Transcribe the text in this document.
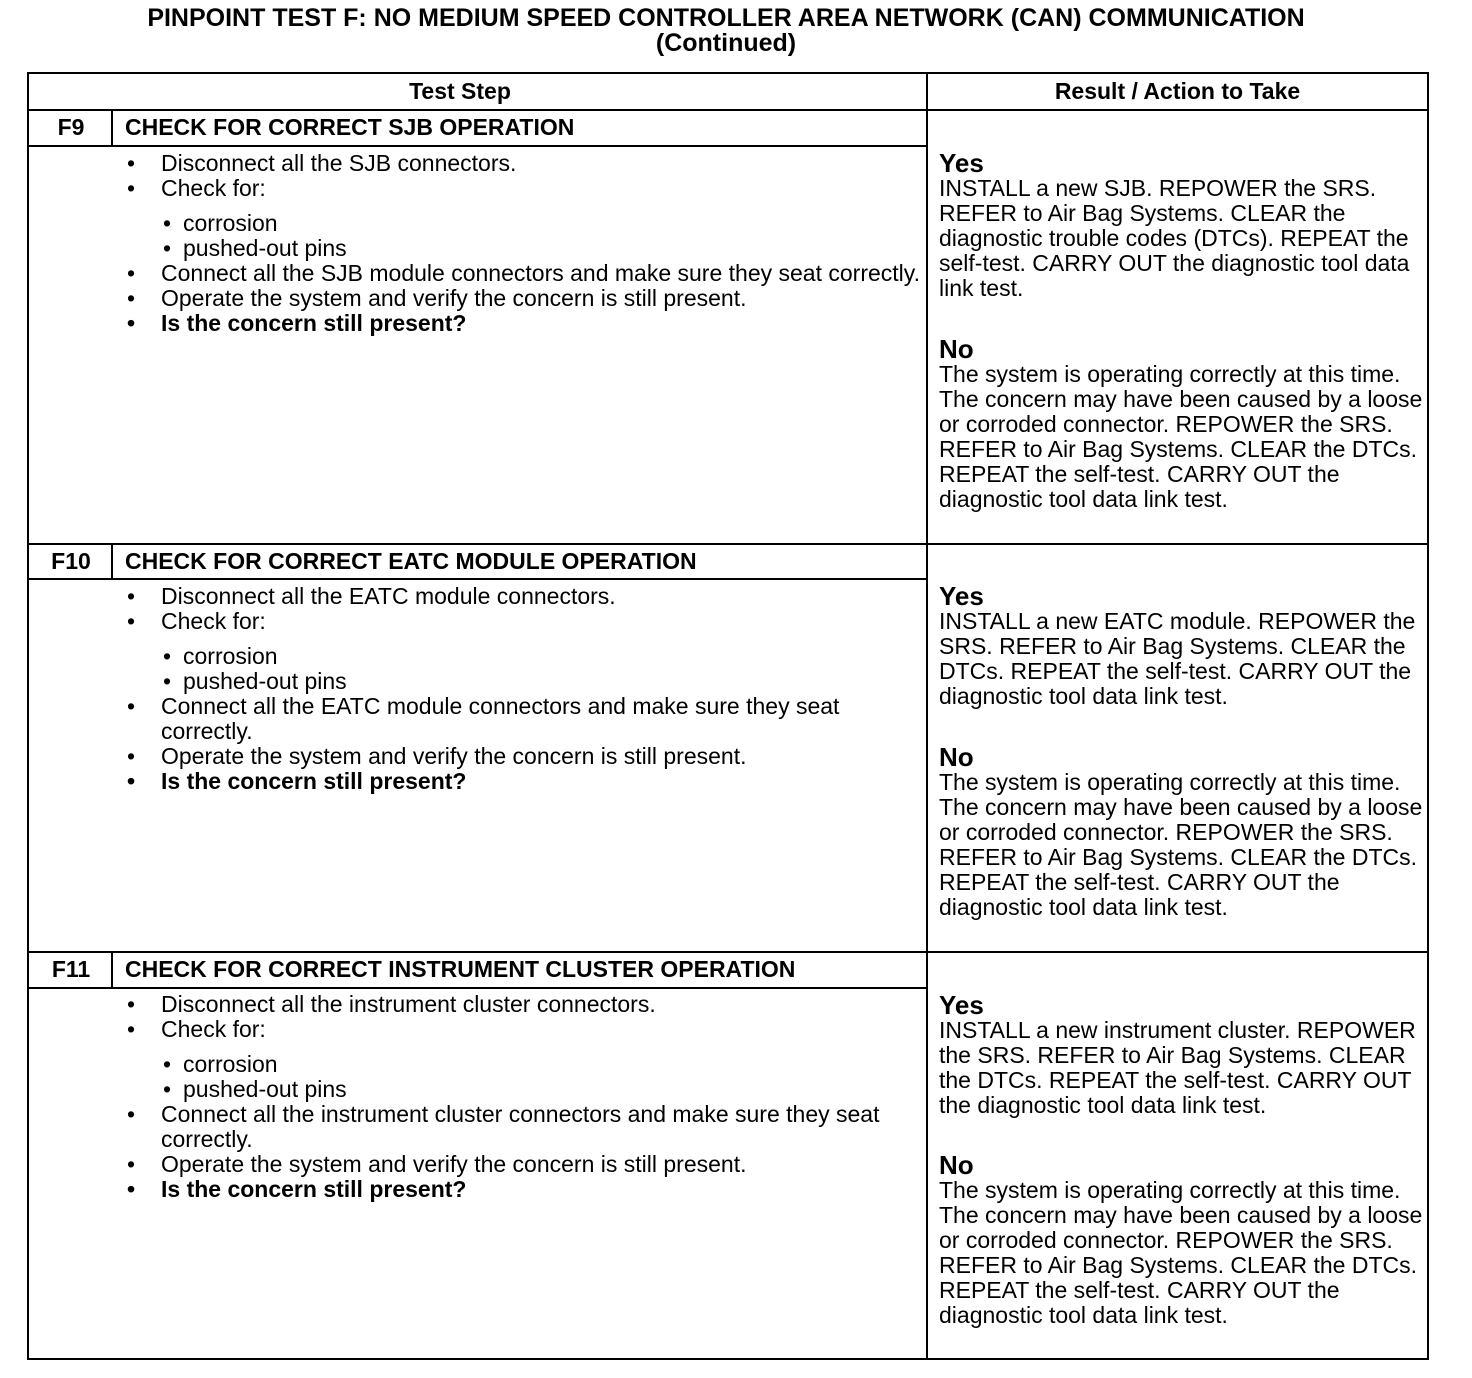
PINPOINT TEST F: NO MEDIUM SPEED CONTROLLER AREA NETWORK (CAN) COMMUNICATION
(Continued)
Test Step	Result / Action to Take
F9	CHECK FOR CORRECT SJB OPERATION
• Disconnect all the SJB connectors.
• Check for:
• corrosion
• pushed-out pins
• Connect all the SJB module connectors and make sure they seat correctly.
• Operate the system and verify the concern is still present.
• Is the concern still present?
Yes

INSTALL a new SJB. REPOWER the SRS. REFER to Air Bag Systems. CLEAR the diagnostic trouble codes (DTCs). REPEAT the self-test. CARRY OUT the diagnostic tool data link test.

No

The system is operating correctly at this time. The concern may have been caused by a loose or corroded connector. REPOWER the SRS. REFER to Air Bag Systems. CLEAR the DTCs. REPEAT the self-test. CARRY OUT the diagnostic tool data link test.

F10	CHECK FOR CORRECT EATC MODULE OPERATION
• Disconnect all the EATC module connectors.
• Check for:
• corrosion
• pushed-out pins
• Connect all the EATC module connectors and make sure they seat correctly.
• Operate the system and verify the concern is still present.
• Is the concern still present?
Yes

INSTALL a new EATC module. REPOWER the SRS. REFER to Air Bag Systems. CLEAR the DTCs. REPEAT the self-test. CARRY OUT the diagnostic tool data link test.

No

The system is operating correctly at this time. The concern may have been caused by a loose or corroded connector. REPOWER the SRS. REFER to Air Bag Systems. CLEAR the DTCs. REPEAT the self-test. CARRY OUT the diagnostic tool data link test.

F11	CHECK FOR CORRECT INSTRUMENT CLUSTER OPERATION
• Disconnect all the instrument cluster connectors.
• Check for:
• corrosion
• pushed-out pins
• Connect all the instrument cluster connectors and make sure they seat correctly.
• Operate the system and verify the concern is still present.
• Is the concern still present?
Yes

INSTALL a new instrument cluster. REPOWER the SRS. REFER to Air Bag Systems. CLEAR the DTCs. REPEAT the self-test. CARRY OUT the diagnostic tool data link test.

No

The system is operating correctly at this time. The concern may have been caused by a loose or corroded connector. REPOWER the SRS. REFER to Air Bag Systems. CLEAR the DTCs. REPEAT the self-test. CARRY OUT the diagnostic tool data link test.
